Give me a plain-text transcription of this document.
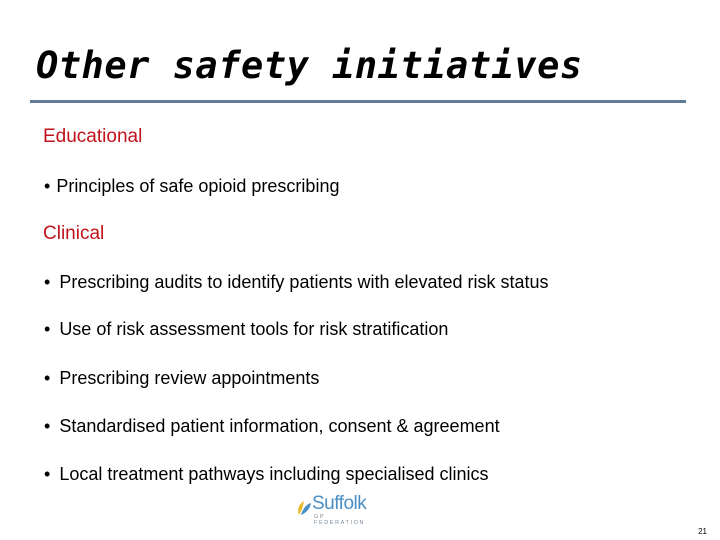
Other safety initiatives
Educational
• Principles of safe opioid prescribing
Clinical
• Prescribing audits to identify patients with elevated risk status
• Use of risk assessment tools for risk stratification
• Prescribing review appointments
• Standardised patient information, consent & agreement
• Local treatment pathways including specialised clinics
Suffolk
GP FEDERATION
21
